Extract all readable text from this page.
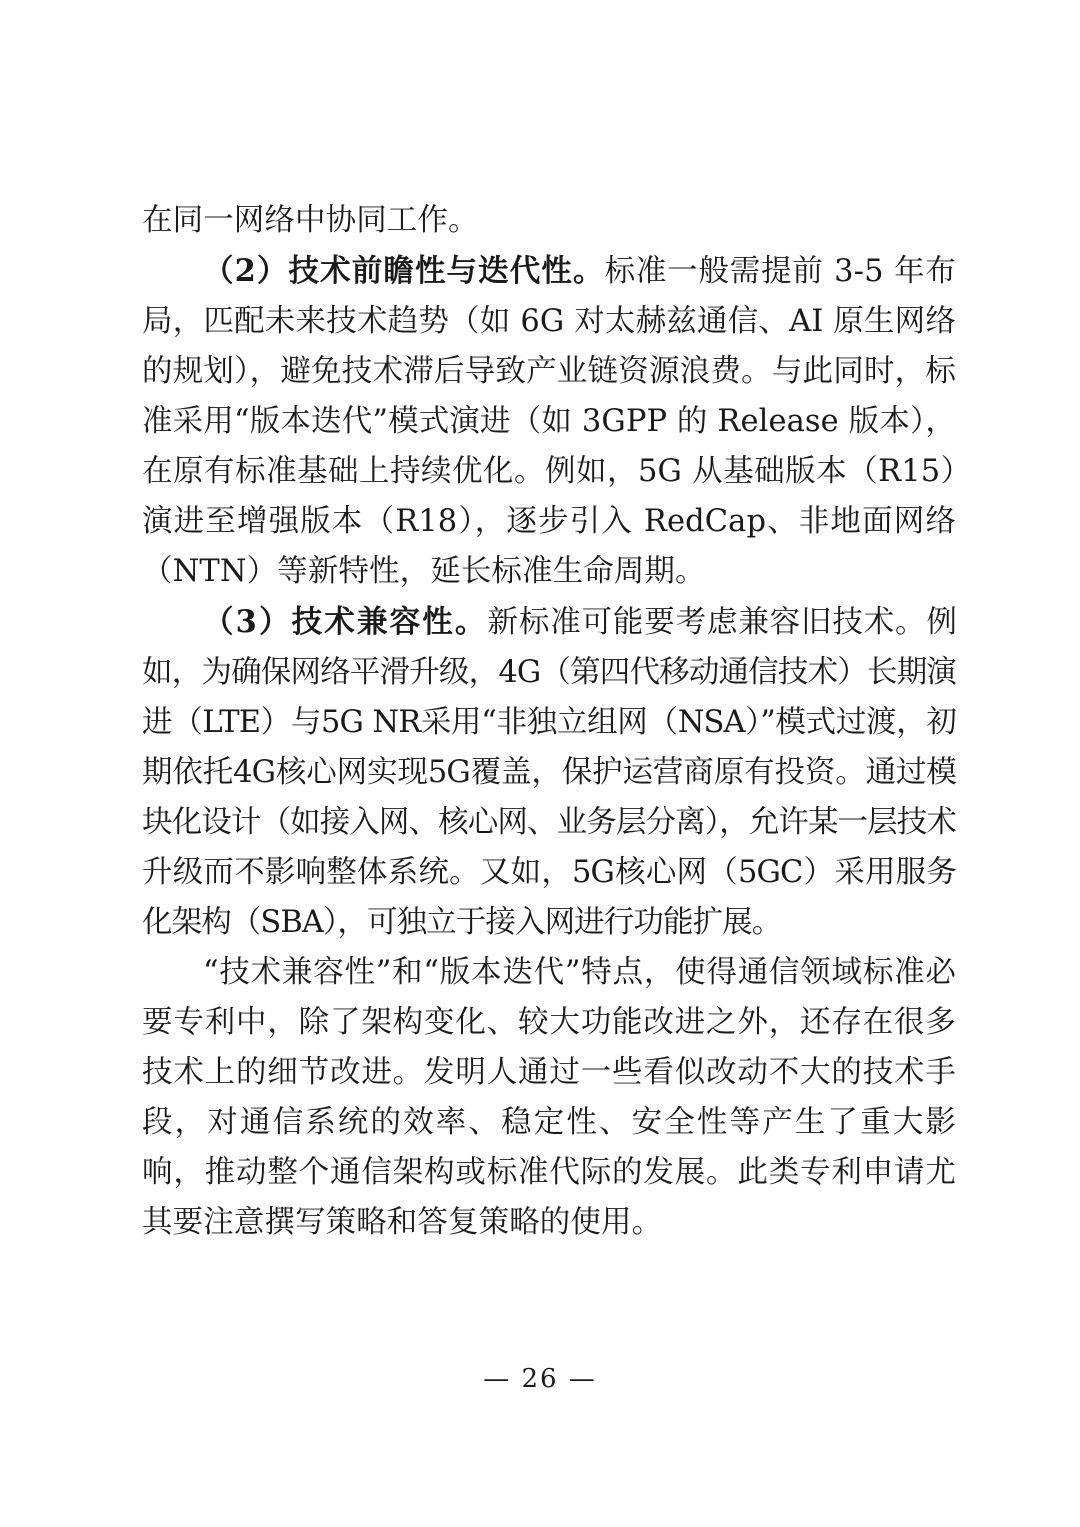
在同一网络中协同工作。

（2）技术前瞻性与迭代性。标准一般需提前 3-5 年布局，匹配未来技术趋势（如 6G 对太赫兹通信、AI 原生网络的规划），避免技术滞后导致产业链资源浪费。与此同时，标准采用“版本迭代”模式演进（如 3GPP 的 Release 版本），在原有标准基础上持续优化。例如，5G 从基础版本（R15）演进至增强版本（R18），逐步引入 RedCap、非地面网络（NTN）等新特性，延长标准生命周期。

（3）技术兼容性。新标准可能要考虑兼容旧技术。例如，为确保网络平滑升级，4G（第四代移动通信技术）长期演进（LTE）与5G NR采用“非独立组网（NSA）”模式过渡，初期依托4G核心网实现5G覆盖，保护运营商原有投资。通过模块化设计（如接入网、核心网、业务层分离），允许某一层技术升级而不影响整体系统。又如，5G核心网（5GC）采用服务化架构（SBA），可独立于接入网进行功能扩展。

“技术兼容性”和“版本迭代”特点，使得通信领域标准必要专利中，除了架构变化、较大功能改进之外，还存在很多技术上的细节改进。发明人通过一些看似改动不大的技术手段，对通信系统的效率、稳定性、安全性等产生了重大影响，推动整个通信架构或标准代际的发展。此类专利申请尤其要注意撰写策略和答复策略的使用。

— 26 —
